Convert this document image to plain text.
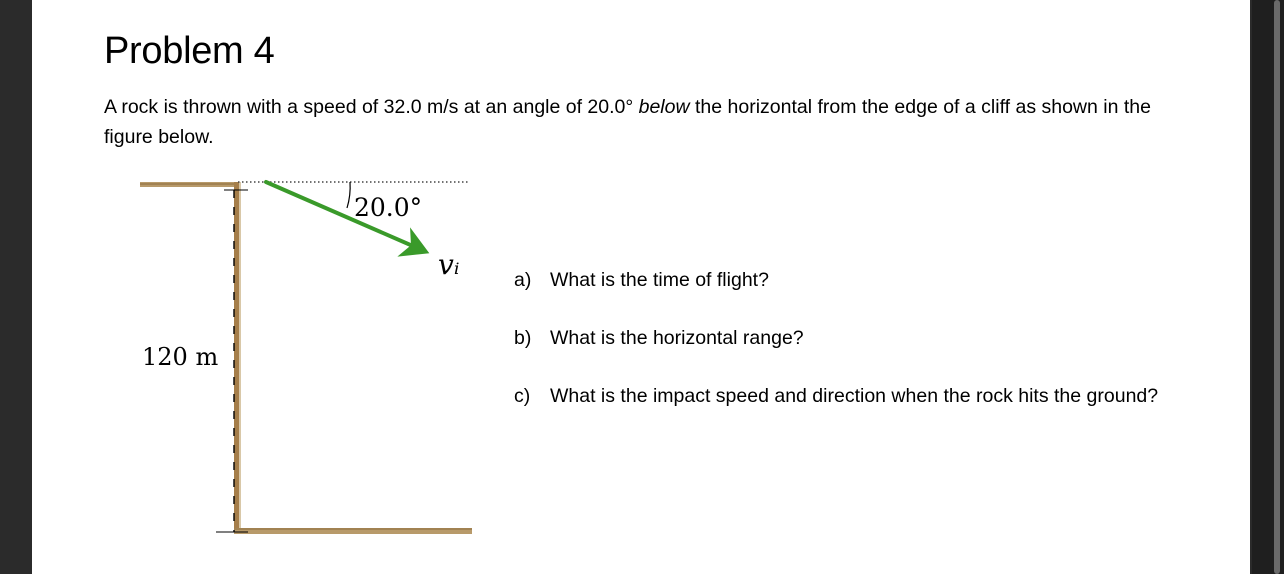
Problem 4

A rock is thrown with a speed of 32.0 m/s at an angle of 20.0° below the horizontal from the edge of a cliff as shown in the figure below.

20.0°
vᵢ
120 m
a) What is the time of flight?
b) What is the horizontal range?
c) What is the impact speed and direction when the rock hits the ground?
